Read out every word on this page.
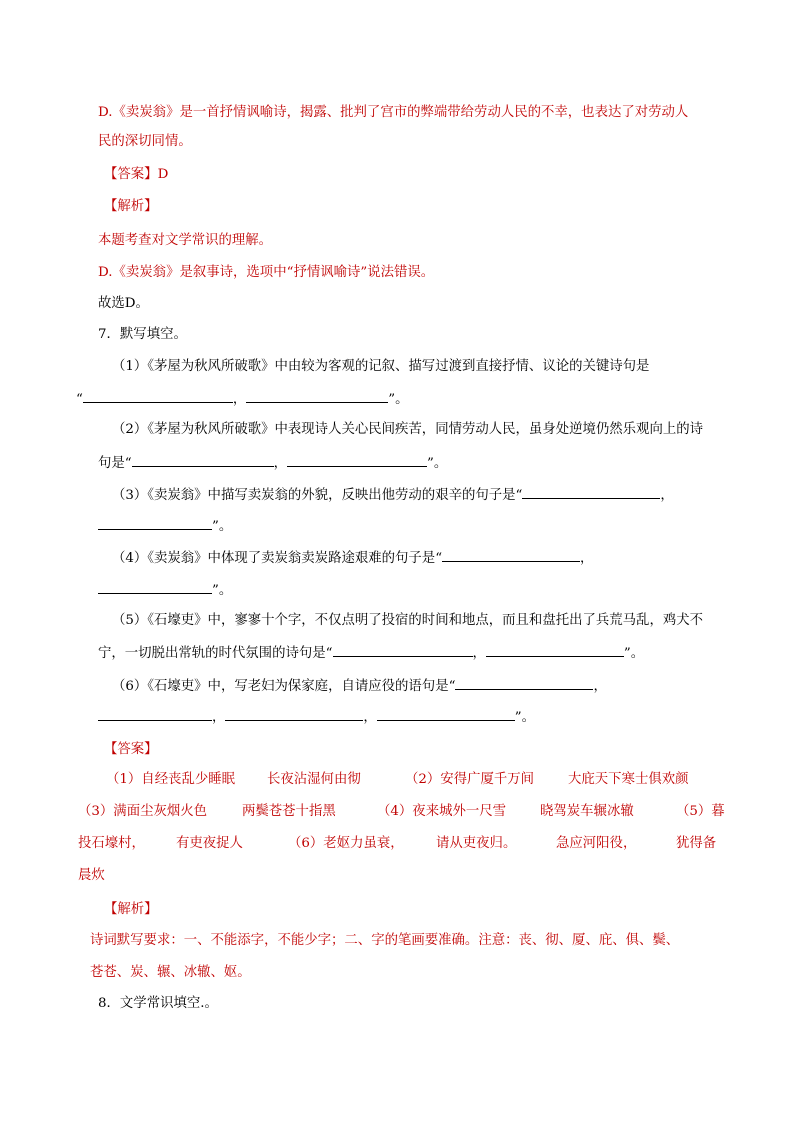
D.《卖炭翁》是一首抒情讽喻诗，揭露、批判了宫市的弊端带给劳动人民的不幸，也表达了对劳动人
民的深切同情。
【答案】D
【解析】
本题考查对文学常识的理解。
D.《卖炭翁》是叙事诗，选项中“抒情讽喻诗”说法错误。
故选D。
7．默写填空。
（1）《茅屋为秋风所破歌》中由较为客观的记叙、描写过渡到直接抒情、议论的关键诗句是
“	，	”。
（2）《茅屋为秋风所破歌》中表现诗人关心民间疾苦，同情劳动人民，虽身处逆境仍然乐观向上的诗
句是“	，	”。
（3）《卖炭翁》中描写卖炭翁的外貌，反映出他劳动的艰辛的句子是“	，
”。
（4）《卖炭翁》中体现了卖炭翁卖炭路途艰难的句子是“	，
”。
（5）《石壕吏》中，寥寥十个字，不仅点明了投宿的时间和地点，而且和盘托出了兵荒马乱，鸡犬不
宁，一切脱出常轨的时代氛围的诗句是“	，	”。
（6）《石壕吏》中，写老妇为保家庭，自请应役的语句是“	，
，	，	”。
【答案】
（1）自经丧乱少睡眠 长夜沾湿何由彻	（2）安得广厦千万间	大庇天下寒士俱欢颜
（3）满面尘灰烟火色	两鬓苍苍十指黑	（4）夜来城外一尺雪	晓驾炭车辗冰辙	（5）暮
投石壕村， 有吏夜捉人	（6）老妪力虽衰， 请从吏夜归。	急应河阳役，	犹得备
晨炊
【解析】
诗词默写要求：一、不能添字，不能少字；二、字的笔画要准确。注意：丧、彻、厦、庇、俱、鬓、
苍苍、炭、辗、冰辙、妪。
8．文学常识填空.。
